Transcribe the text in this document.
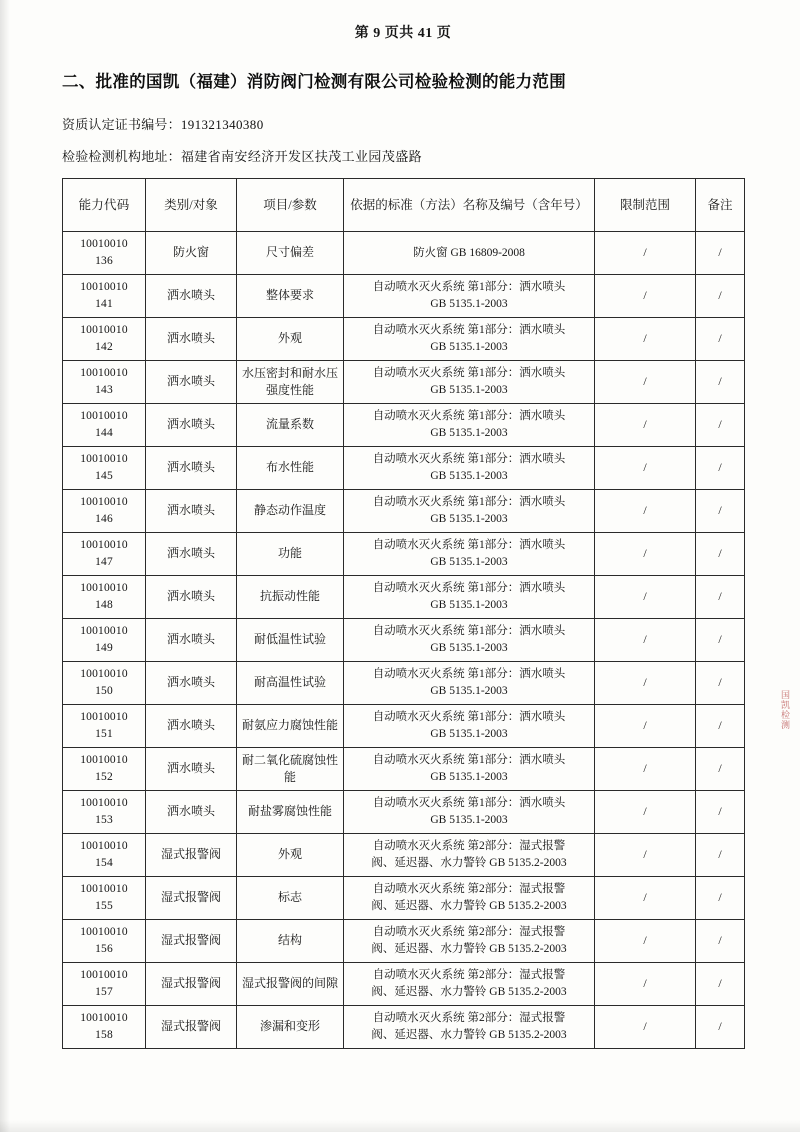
第 9 页共 41 页
二、批准的国凯（福建）消防阀门检测有限公司检验检测的能力范围

资质认定证书编号：191321340380

检验检测机构地址：福建省南安经济开发区扶茂工业园茂盛路

能力代码	类别/对象	项目/参数	依据的标准（方法）名称及编号（含年号）	限制范围	备注

10010010
136	防火窗	尺寸偏差	防火窗 GB 16809-2008	/	/

10010010
141	洒水喷头	整体要求	自动喷水灭火系统 第1部分：洒水喷头
GB 5135.1-2003	/	/

10010010
142	洒水喷头	外观	自动喷水灭火系统 第1部分：洒水喷头
GB 5135.1-2003	/	/

10010010
143	洒水喷头	水压密封和耐水压强度性能	自动喷水灭火系统 第1部分：洒水喷头
GB 5135.1-2003	/	/

10010010
144	洒水喷头	流量系数	自动喷水灭火系统 第1部分：洒水喷头
GB 5135.1-2003	/	/

10010010
145	洒水喷头	布水性能	自动喷水灭火系统 第1部分：洒水喷头
GB 5135.1-2003	/	/

10010010
146	洒水喷头	静态动作温度	自动喷水灭火系统 第1部分：洒水喷头
GB 5135.1-2003	/	/

10010010
147	洒水喷头	功能	自动喷水灭火系统 第1部分：洒水喷头
GB 5135.1-2003	/	/

10010010
148	洒水喷头	抗振动性能	自动喷水灭火系统 第1部分：洒水喷头
GB 5135.1-2003	/	/

10010010
149	洒水喷头	耐低温性试验	自动喷水灭火系统 第1部分：洒水喷头
GB 5135.1-2003	/	/

10010010
150	洒水喷头	耐高温性试验	自动喷水灭火系统 第1部分：洒水喷头
GB 5135.1-2003	/	/

10010010
151	洒水喷头	耐氨应力腐蚀性能	自动喷水灭火系统 第1部分：洒水喷头
GB 5135.1-2003	/	/

10010010
152	洒水喷头	耐二氧化硫腐蚀性能	自动喷水灭火系统 第1部分：洒水喷头
GB 5135.1-2003	/	/

10010010
153	洒水喷头	耐盐雾腐蚀性能	自动喷水灭火系统 第1部分：洒水喷头
GB 5135.1-2003	/	/

10010010
154	湿式报警阀	外观	自动喷水灭火系统 第2部分：湿式报警
阀、延迟器、水力警铃 GB 5135.2-2003	/	/

10010010
155	湿式报警阀	标志	自动喷水灭火系统 第2部分：湿式报警
阀、延迟器、水力警铃 GB 5135.2-2003	/	/

10010010
156	湿式报警阀	结构	自动喷水灭火系统 第2部分：湿式报警
阀、延迟器、水力警铃 GB 5135.2-2003	/	/

10010010
157	湿式报警阀	湿式报警阀的间隙	自动喷水灭火系统 第2部分：湿式报警
阀、延迟器、水力警铃 GB 5135.2-2003	/	/

10010010
158	湿式报警阀	渗漏和变形	自动喷水灭火系统 第2部分：湿式报警
阀、延迟器、水力警铃 GB 5135.2-2003	/	/
国凯检测
